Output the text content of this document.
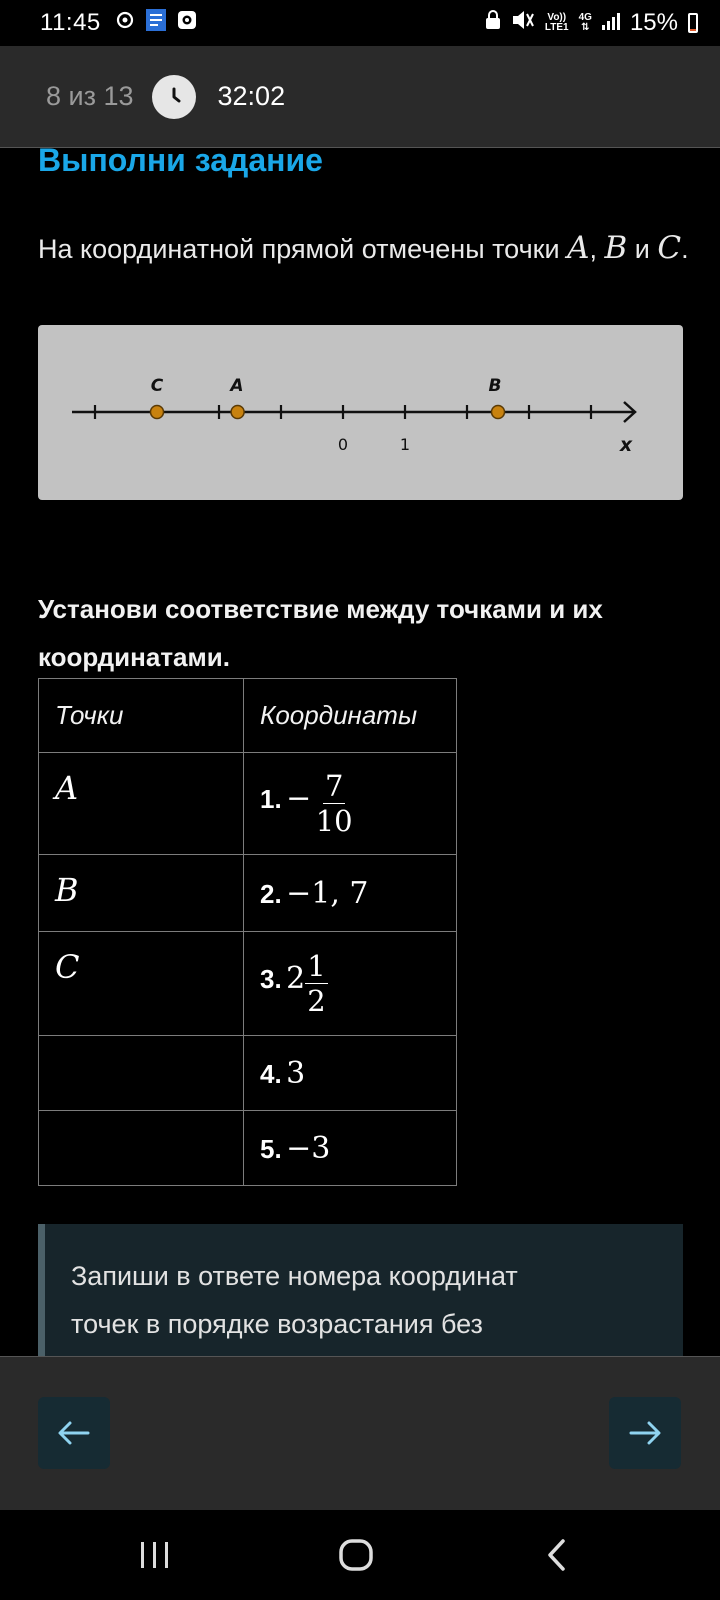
11:45	Vo))
LTE1
4G
⇅ 15%
8 из 13	32:02
Выполни задание

На координатной прямой отмечены точки A, B и C.

0	1	x
C	A	B

Установи соответствие между точками и их координатами.

Точки	Координаты
A	1. − $\frac{7}{10}$

B	2. −1, 7
C	3. $2 \frac{1}{2}$

	4. 3
	5. −3

Запиши в ответе номера координат

точек в порядке возрастания без
